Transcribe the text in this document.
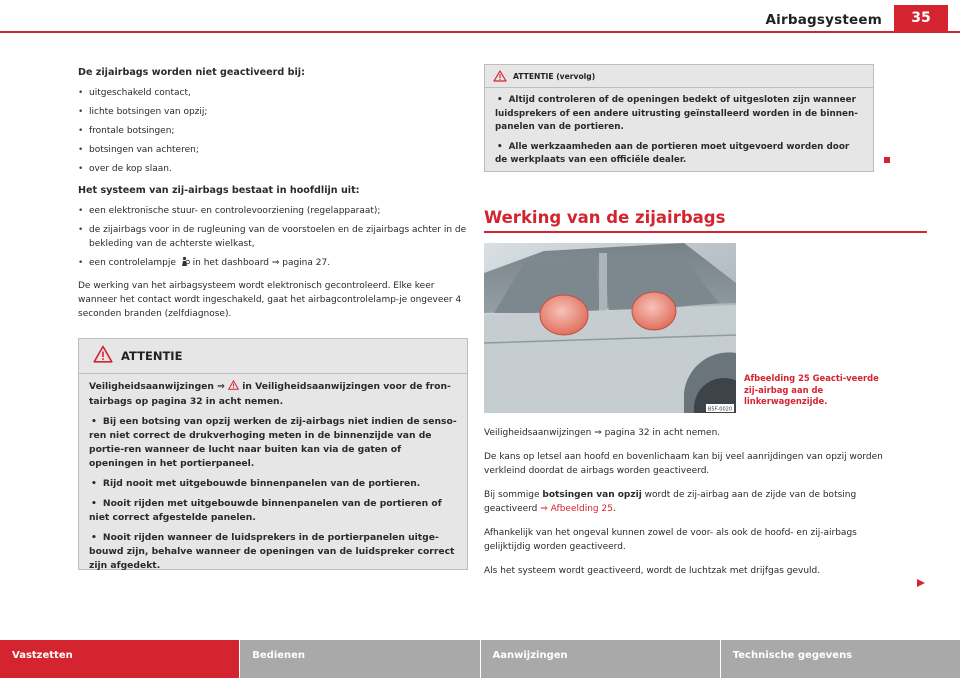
Airbagsysteem	35
De zijairbags worden niet geactiveerd bij:
• uitgeschakeld contact,
• lichte botsingen van opzij;
• frontale botsingen;
• botsingen van achteren;
• over de kop slaan.
Het systeem van zij-airbags bestaat in hoofdlijn uit:
• een elektronische stuur- en controlevoorziening (regelapparaat);
• de zijairbags voor in de rugleuning van de voorstoelen en de zijairbags achter in de bekleding van de achterste wielkast,
• een controlelampje in het dashboard ⇒ pagina 27.
De werking van het airbagsysteem wordt elektronisch gecontroleerd. Elke keer wanneer het contact wordt ingeschakeld, gaat het airbagcontrolelamp-je ongeveer 4 seconden branden (zelfdiagnose).
ATTENTIE

Veiligheidsaanwijzingen ⇒ in Veiligheidsaanwijzingen voor de fron-tairbags op pagina 32 in acht nemen.

• Bij een botsing van opzij werken de zij-airbags niet indien de senso-ren niet correct de drukverhoging meten in de binnenzijde van de portie-ren wanneer de lucht naar buiten kan via de gaten of openingen in het portierpaneel.

• Rijd nooit met uitgebouwde binnenpanelen van de portieren.

• Nooit rijden met uitgebouwde binnenpanelen van de portieren of niet correct afgestelde panelen.

• Nooit rijden wanneer de luidsprekers in de portierpanelen uitge-bouwd zijn, behalve wanneer de openingen van de luidspreker correct zijn afgedekt.

ATTENTIE (vervolg)

• Altijd controleren of de openingen bedekt of uitgesloten zijn wanneer luidsprekers of een andere uitrusting geïnstalleerd worden in de binnen-panelen van de portieren.

• Alle werkzaamheden aan de portieren moet uitgevoerd worden door de werkplaats van een officiële dealer.

Werking van de zijairbags
B5F-0020
Afbeelding 25 Geacti-veerde zij-airbag aan de linkerwagenzijde.
Veiligheidsaanwijzingen ⇒ pagina 32 in acht nemen.
De kans op letsel aan hoofd en bovenlichaam kan bij veel aanrijdingen van opzij worden verkleind doordat de airbags worden geactiveerd.
Bij sommige botsingen van opzij wordt de zij-airbag aan de zijde van de botsing geactiveerd ⇒ Afbeelding 25.
Afhankelijk van het ongeval kunnen zowel de voor- als ook de hoofd- en zij-airbags gelijktijdig worden geactiveerd.
Als het systeem wordt geactiveerd, wordt de luchtzak met drijfgas gevuld.
Vastzetten	Bedienen	Aanwijzingen	Technische gegevens
